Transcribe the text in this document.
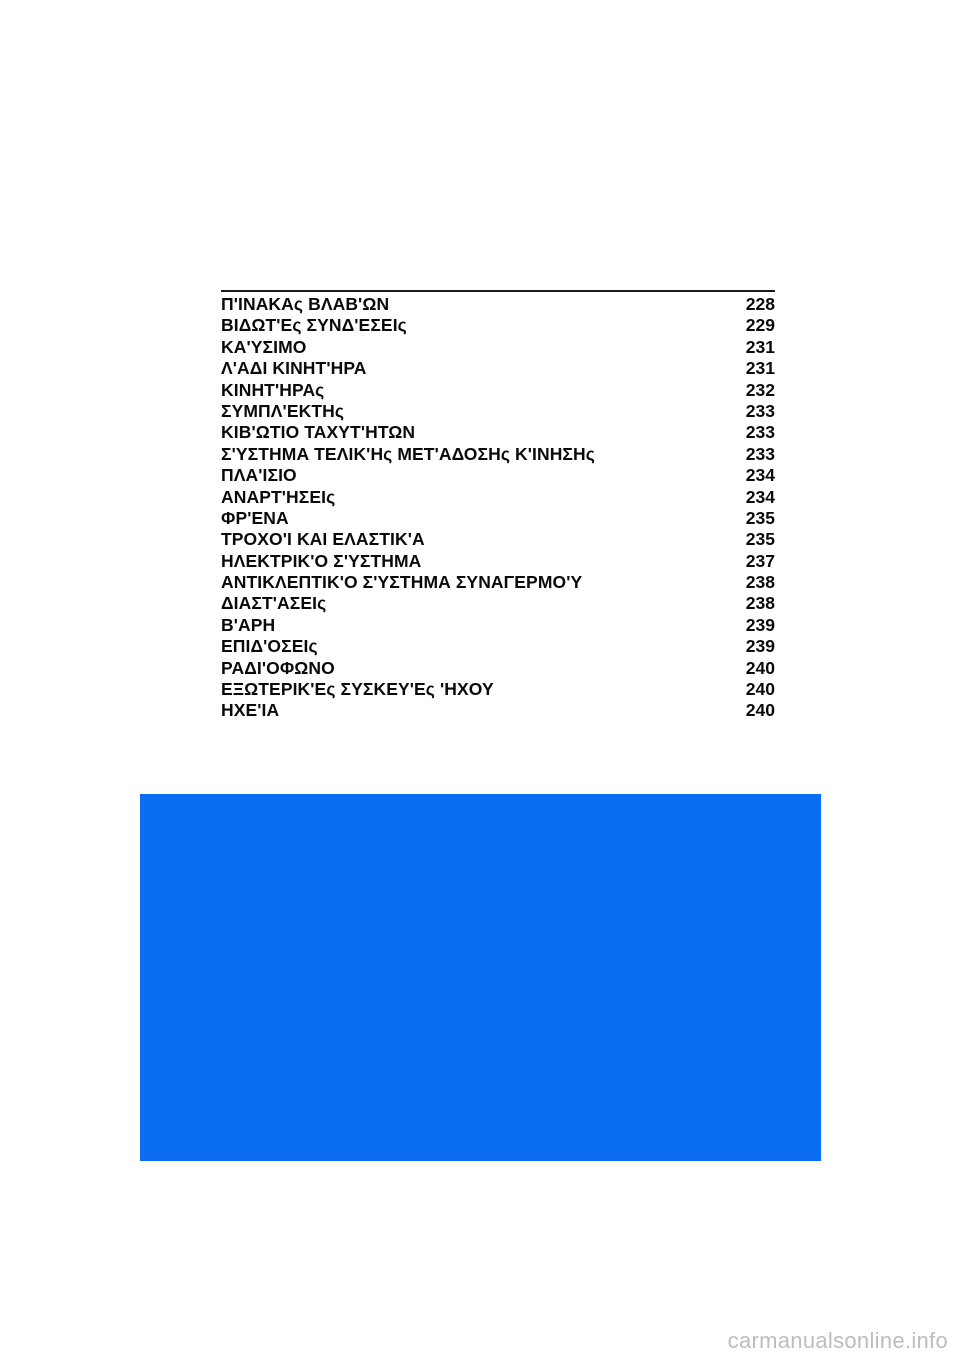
Π'ΙΝΑΚΑς ΒΛΑΒ'ΩΝ	228
ΒΙΔΩΤ'Ες ΣΥΝΔ'ΕΣΕΙς	229
ΚΑ'ΥΣΙΜΟ	231
Λ'ΑΔΙ ΚΙΝΗΤ'ΗΡΑ	231
ΚΙΝΗΤ'ΗΡΑς	232
ΣΥΜΠΛ'ΕΚΤΗς	233
ΚΙΒ'ΩΤΙΟ ΤΑΧΥΤ'ΗΤΩΝ	233
Σ'ΥΣΤΗΜΑ ΤΕΛΙΚ'Ης ΜΕΤ'ΑΔΟΣΗς Κ'ΙΝΗΣΗς	233
ΠΛΑ'ΙΣΙΟ	234
ΑΝΑΡΤ'ΗΣΕΙς	234
ΦΡ'ΕΝΑ	235
ΤΡΟΧΟ'Ι ΚΑΙ ΕΛΑΣΤΙΚ'Α	235
ΗΛΕΚΤΡΙΚ'Ο Σ'ΥΣΤΗΜΑ	237
ΑΝΤΙΚΛΕΠΤΙΚ'Ο Σ'ΥΣΤΗΜΑ ΣΥΝΑΓΕΡΜΟ'Υ	238
ΔΙΑΣΤ'ΑΣΕΙς	238
Β'ΑΡΗ	239
ΕΠΙΔ'ΟΣΕΙς	239
ΡΑΔΙ'ΟΦΩΝΟ	240
ΕΞΩΤΕΡΙΚ'Ες ΣΥΣΚΕΥ'Ες 'ΗΧΟΥ	240
ΗΧΕ'ΙΑ	240
carmanualsonline.info
